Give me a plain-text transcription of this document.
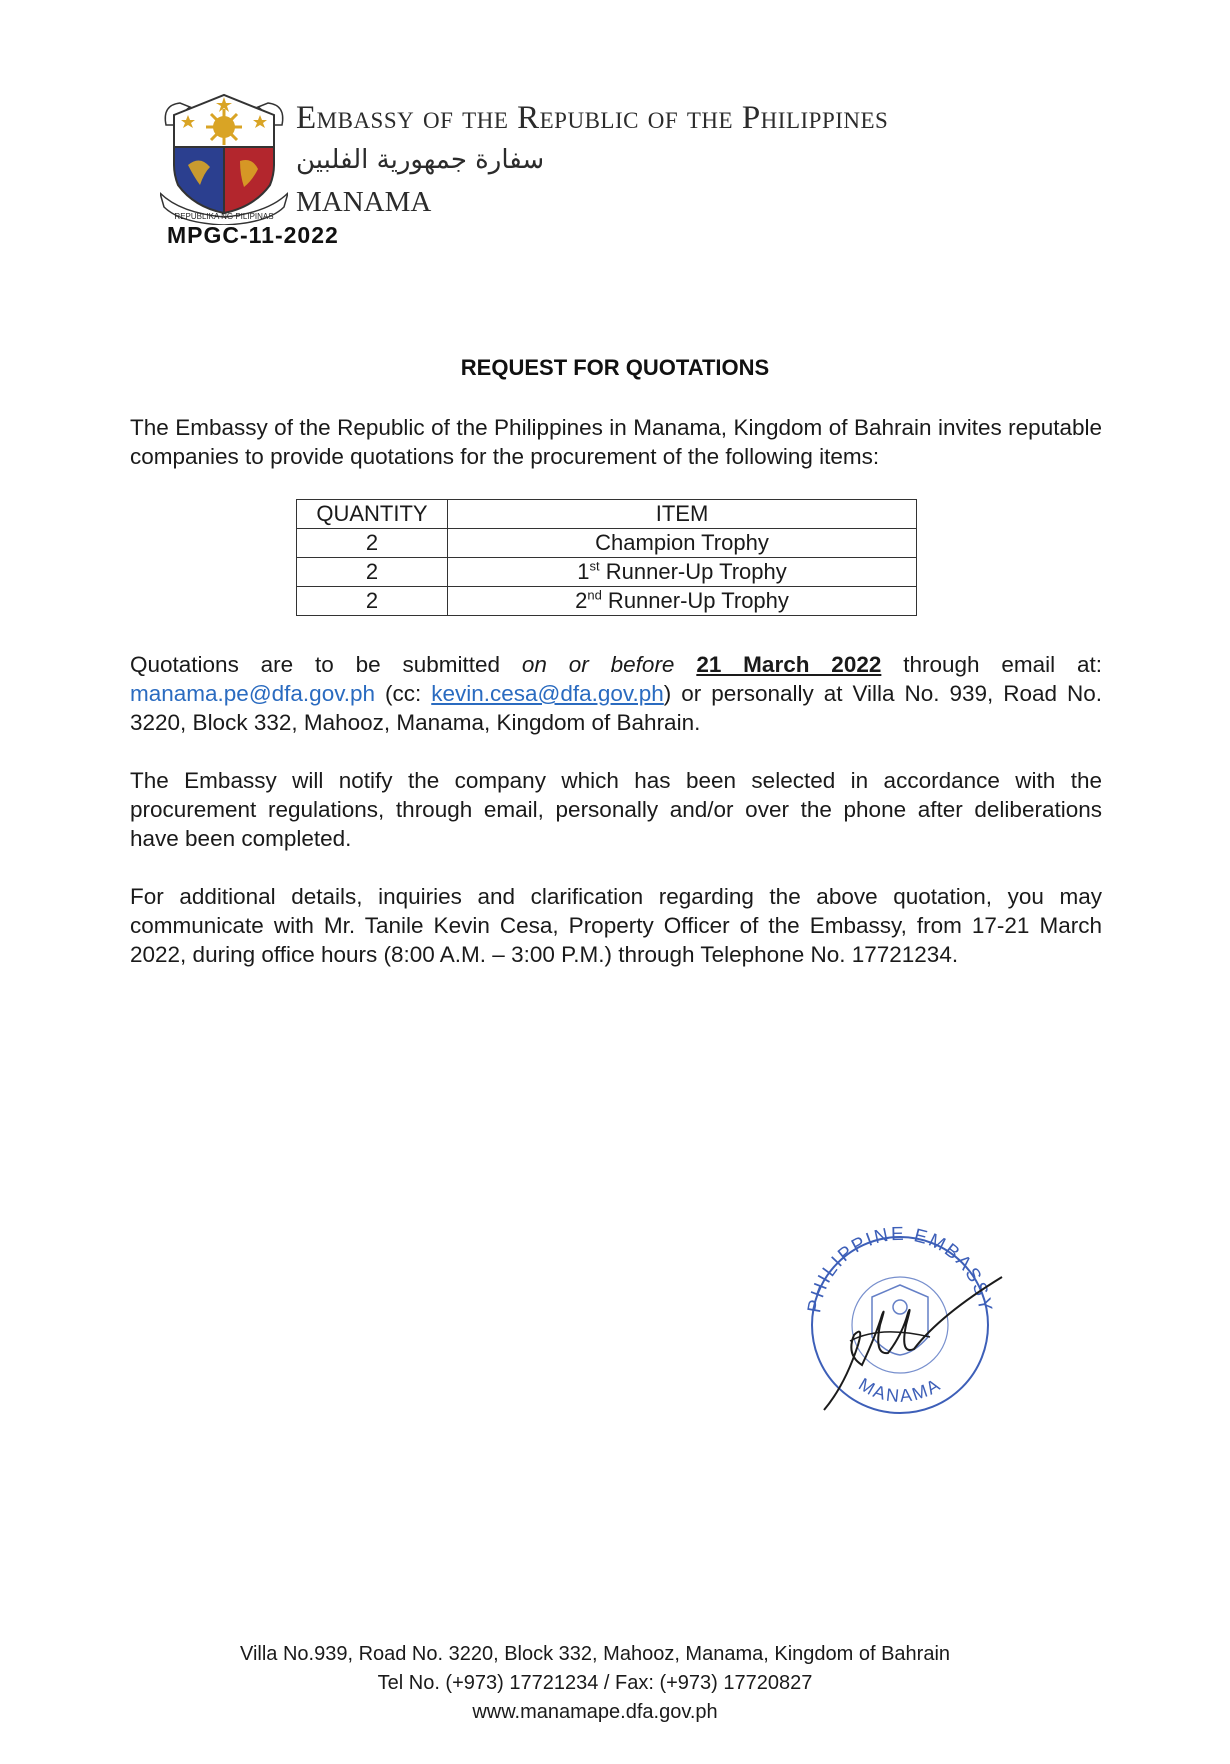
REPUBLIKA NG PILIPINAS
Embassy of the Republic of the Philippines
سفارة جمهورية الفلبين
MANAMA
MPGC-11-2022
REQUEST FOR QUOTATIONS
The Embassy of the Republic of the Philippines in Manama, Kingdom of Bahrain invites reputable companies to provide quotations for the procurement of the following items:
QUANTITY	ITEM
2	Champion Trophy
2	1st Runner-Up Trophy
2	2nd Runner-Up Trophy
Quotations are to be submitted on or before 21 March 2022 through email at: manama.pe@dfa.gov.ph (cc: kevin.cesa@dfa.gov.ph) or personally at Villa No. 939, Road No. 3220, Block 332, Mahooz, Manama, Kingdom of Bahrain.
The Embassy will notify the company which has been selected in accordance with the procurement regulations, through email, personally and/or over the phone after deliberations have been completed.
For additional details, inquiries and clarification regarding the above quotation, you may communicate with Mr. Tanile Kevin Cesa, Property Officer of the Embassy, from 17-21 March 2022, during office hours (8:00 A.M. – 3:00 P.M.) through Telephone No. 17721234.
PHILIPPINE EMBASSY
MANAMA
Villa No.939, Road No. 3220, Block 332, Mahooz, Manama, Kingdom of Bahrain
Tel No. (+973) 17721234 / Fax: (+973) 17720827
www.manamape.dfa.gov.ph
